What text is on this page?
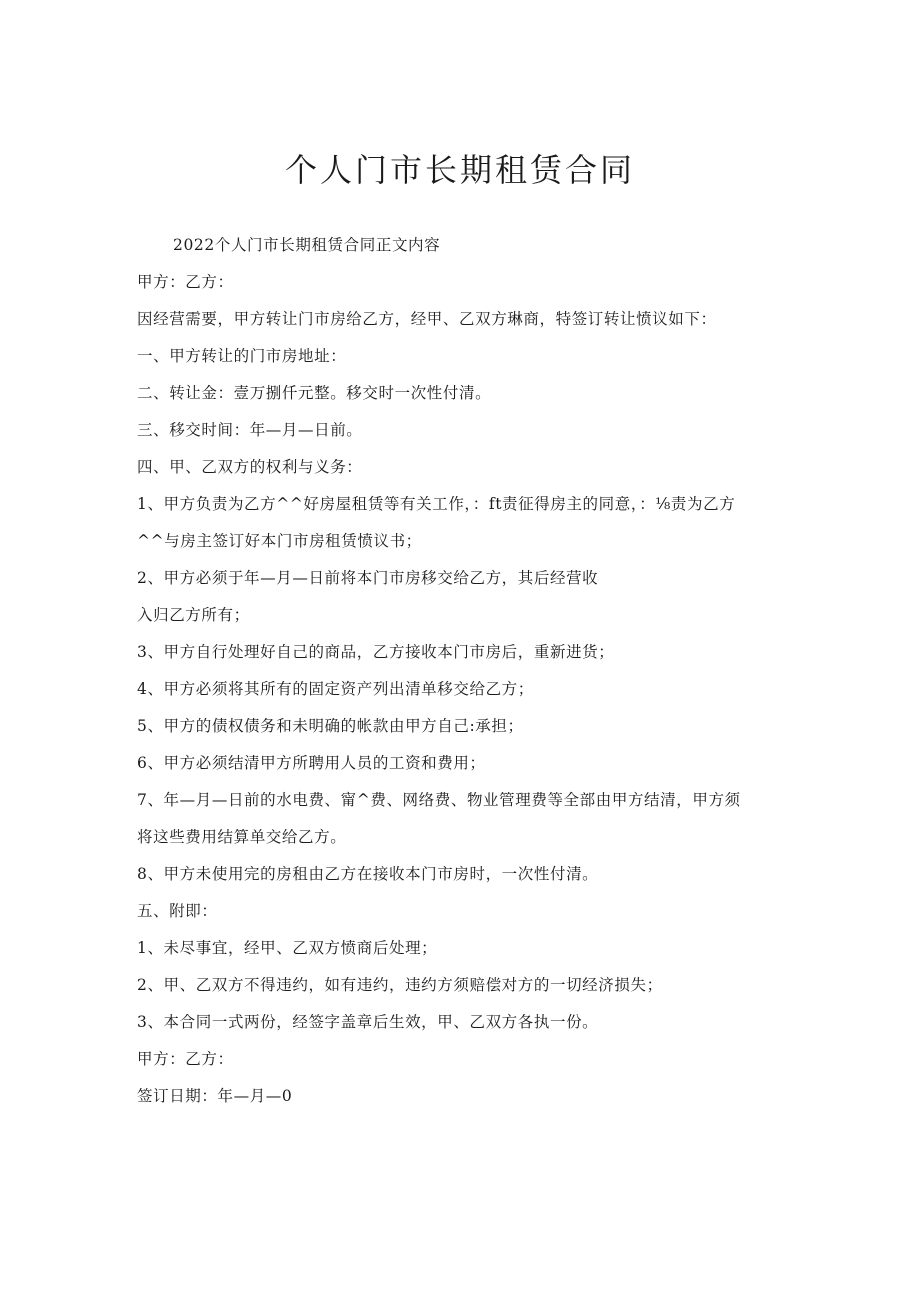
个人门市长期租赁合同

2022个人门市长期租赁合同正文内容

甲方：乙方：

因经营需要，甲方转让门市房给乙方，经甲、乙双方琳商，特签订转让愤议如下：

一、甲方转让的门市房地址：

二、转让金：壹万捌仟元整。移交时一次性付清。

三、移交时间：年—月—日前。

四、甲、乙双方的权利与义务：

1、甲方负责为乙方^^好房屋租赁等有关工作，：ft责征得房主的同意，：⅛责为乙方

^^与房主签订好本门市房租赁愤议书；

2、甲方必须于年—月—日前将本门市房移交给乙方，其后经营收

入归乙方所有；

3、甲方自行处理好自己的商品，乙方接收本门市房后，重新进货；

4、甲方必须将其所有的固定资产列出清单移交给乙方；

5、甲方的债权债务和未明确的帐款由甲方自己:承担；

6、甲方必须结清甲方所聘用人员的工资和费用；

7、年—月—日前的水电费、甯^费、网络费、物业管理费等全部由甲方结清，甲方须

将这些费用结算单交给乙方。

8、甲方未使用完的房租由乙方在接收本门市房时，一次性付清。

五、附即：

1、未尽事宜，经甲、乙双方愤商后处理；

2、甲、乙双方不得违约，如有违约，违约方须赔偿对方的一切经济损失；

3、本合同一式两份，经签字盖章后生效，甲、乙双方各执一份。

甲方：乙方：

签订日期：年—月—0
